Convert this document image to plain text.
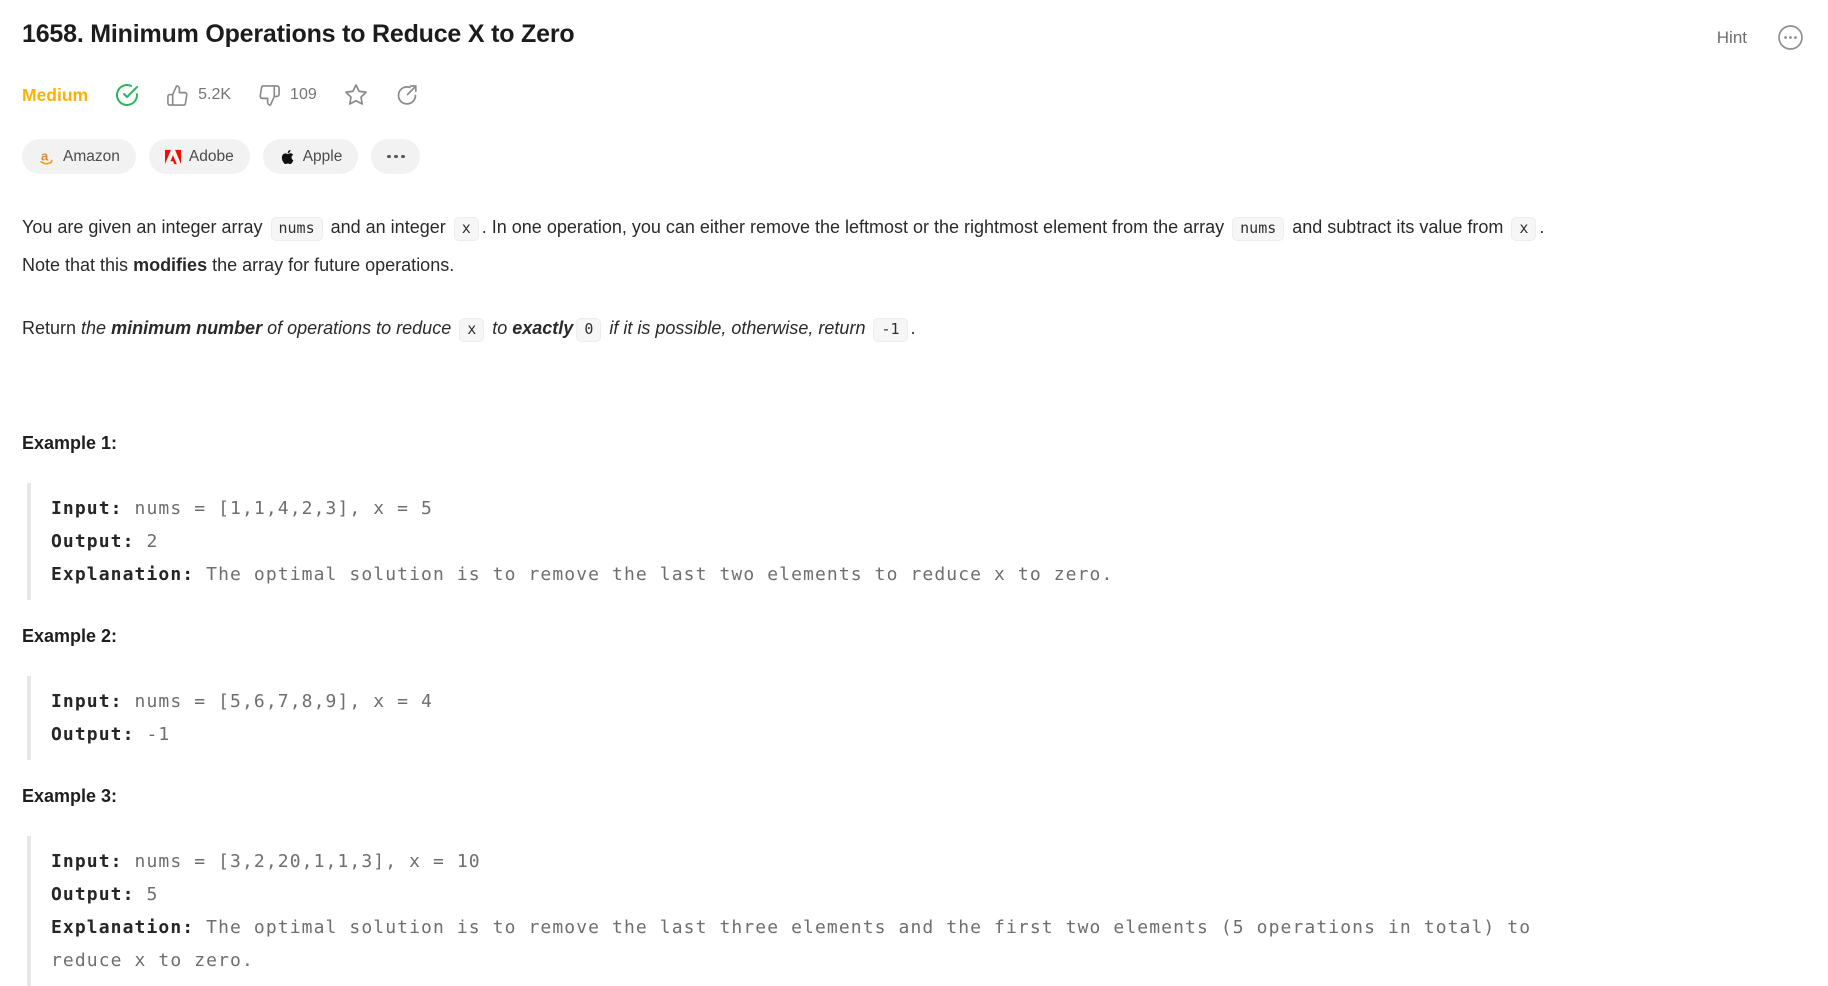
1658. Minimum Operations to Reduce X to Zero	Hint
Medium	5.2K	109
a Amazon	Adobe	Apple

You are given an integer array nums and an integer x . In one operation, you can either remove the leftmost or the rightmost element from the array nums and subtract its value from x . Note that this modifies the array for future operations.

Return the minimum number of operations to reduce x to exactly 0 if it is possible, otherwise, return -1 .

Example 1:
Input: nums = [1,1,4,2,3], x = 5
Output: 2
Explanation: The optimal solution is to remove the last two elements to reduce x to zero.
Example 2:
Input: nums = [5,6,7,8,9], x = 4
Output: -1
Example 3:
Input: nums = [3,2,20,1,1,3], x = 10
Output: 5
Explanation: The optimal solution is to remove the last three elements and the first two elements (5 operations in total) to reduce x to zero.
